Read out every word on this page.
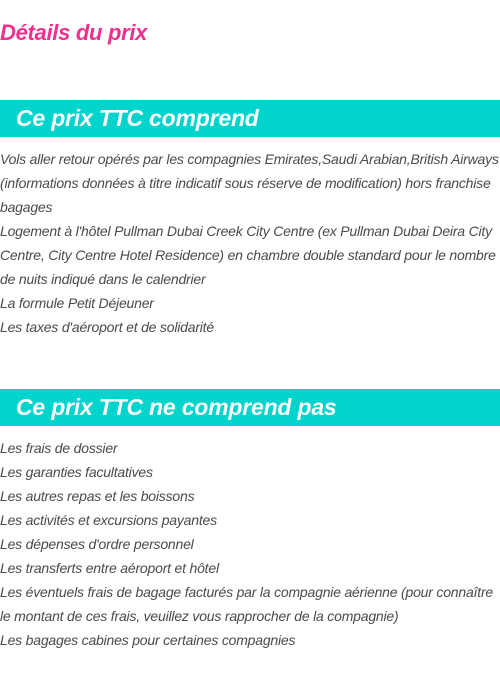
Détails du prix
Ce prix TTC comprend
Vols aller retour opérés par les compagnies Emirates,Saudi Arabian,British Airways (informations données à titre indicatif sous réserve de modification) hors franchise bagages
Logement à l'hôtel Pullman Dubai Creek City Centre (ex Pullman Dubai Deira City Centre, City Centre Hotel Residence) en chambre double standard pour le nombre de nuits indiqué dans le calendrier
La formule Petit Déjeuner
Les taxes d'aéroport et de solidarité
Ce prix TTC ne comprend pas
Les frais de dossier
Les garanties facultatives
Les autres repas et les boissons
Les activités et excursions payantes
Les dépenses d'ordre personnel
Les transferts entre aéroport et hôtel
Les éventuels frais de bagage facturés par la compagnie aérienne (pour connaître le montant de ces frais, veuillez vous rapprocher de la compagnie)
Les bagages cabines pour certaines compagnies
